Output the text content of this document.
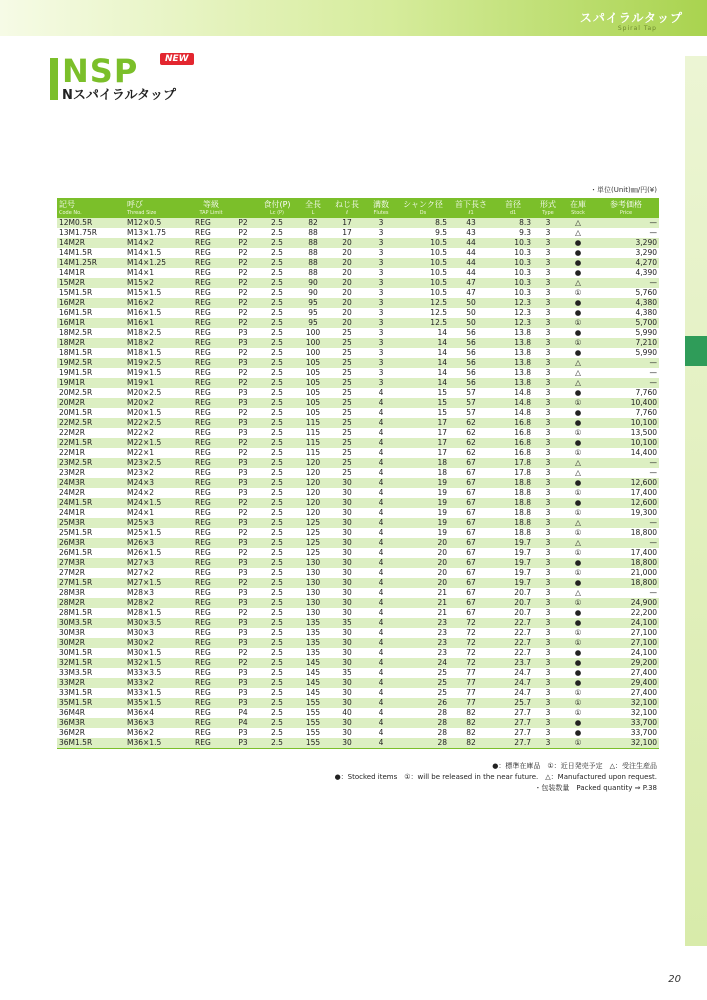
スパイラルタップ
Spiral Tap
NSP	NEW
Nスパイラルタップ
・単位(Unit)㎜/円(¥)
記号	呼び	等級		食付(P)	全長	ねじ長	溝数	シャンク径	首下長さ	首径	形式	在庫	参考価格
Code No.	Thread Size	TAP Limit		Lc (P)	L	ℓ	Flutes	Ds	ℓ1	d1	Type	Stock	Price
12M0.5R	M12×0.5	REG	P2	2.5	82	17	3	8.5	43	8.3	3	△	—
13M1.75R	M13×1.75	REG	P2	2.5	88	17	3	9.5	43	9.3	3	△	—
14M2R	M14×2	REG	P2	2.5	88	20	3	10.5	44	10.3	3	●	3,290
14M1.5R	M14×1.5	REG	P2	2.5	88	20	3	10.5	44	10.3	3	●	3,290
14M1.25R	M14×1.25	REG	P2	2.5	88	20	3	10.5	44	10.3	3	●	4,270
14M1R	M14×1	REG	P2	2.5	88	20	3	10.5	44	10.3	3	●	4,390
15M2R	M15×2	REG	P2	2.5	90	20	3	10.5	47	10.3	3	△	—
15M1.5R	M15×1.5	REG	P2	2.5	90	20	3	10.5	47	10.3	3	①	5,760
16M2R	M16×2	REG	P2	2.5	95	20	3	12.5	50	12.3	3	●	4,380
16M1.5R	M16×1.5	REG	P2	2.5	95	20	3	12.5	50	12.3	3	●	4,380
16M1R	M16×1	REG	P2	2.5	95	20	3	12.5	50	12.3	3	①	5,700
18M2.5R	M18×2.5	REG	P3	2.5	100	25	3	14	56	13.8	3	●	5,990
18M2R	M18×2	REG	P3	2.5	100	25	3	14	56	13.8	3	①	7,210
18M1.5R	M18×1.5	REG	P2	2.5	100	25	3	14	56	13.8	3	●	5,990
19M2.5R	M19×2.5	REG	P3	2.5	105	25	3	14	56	13.8	3	△	—
19M1.5R	M19×1.5	REG	P2	2.5	105	25	3	14	56	13.8	3	△	—
19M1R	M19×1	REG	P2	2.5	105	25	3	14	56	13.8	3	△	—
20M2.5R	M20×2.5	REG	P3	2.5	105	25	4	15	57	14.8	3	●	7,760
20M2R	M20×2	REG	P3	2.5	105	25	4	15	57	14.8	3	①	10,400
20M1.5R	M20×1.5	REG	P2	2.5	105	25	4	15	57	14.8	3	●	7,760
22M2.5R	M22×2.5	REG	P3	2.5	115	25	4	17	62	16.8	3	●	10,100
22M2R	M22×2	REG	P3	2.5	115	25	4	17	62	16.8	3	①	13,500
22M1.5R	M22×1.5	REG	P2	2.5	115	25	4	17	62	16.8	3	●	10,100
22M1R	M22×1	REG	P2	2.5	115	25	4	17	62	16.8	3	①	14,400
23M2.5R	M23×2.5	REG	P3	2.5	120	25	4	18	67	17.8	3	△	—
23M2R	M23×2	REG	P3	2.5	120	25	4	18	67	17.8	3	△	—
24M3R	M24×3	REG	P3	2.5	120	30	4	19	67	18.8	3	●	12,600
24M2R	M24×2	REG	P3	2.5	120	30	4	19	67	18.8	3	①	17,400
24M1.5R	M24×1.5	REG	P2	2.5	120	30	4	19	67	18.8	3	●	12,600
24M1R	M24×1	REG	P2	2.5	120	30	4	19	67	18.8	3	①	19,300
25M3R	M25×3	REG	P3	2.5	125	30	4	19	67	18.8	3	△	—
25M1.5R	M25×1.5	REG	P2	2.5	125	30	4	19	67	18.8	3	①	18,800
26M3R	M26×3	REG	P3	2.5	125	30	4	20	67	19.7	3	△	—
26M1.5R	M26×1.5	REG	P2	2.5	125	30	4	20	67	19.7	3	①	17,400
27M3R	M27×3	REG	P3	2.5	130	30	4	20	67	19.7	3	●	18,800
27M2R	M27×2	REG	P3	2.5	130	30	4	20	67	19.7	3	①	21,000
27M1.5R	M27×1.5	REG	P2	2.5	130	30	4	20	67	19.7	3	●	18,800
28M3R	M28×3	REG	P3	2.5	130	30	4	21	67	20.7	3	△	—
28M2R	M28×2	REG	P3	2.5	130	30	4	21	67	20.7	3	①	24,900
28M1.5R	M28×1.5	REG	P2	2.5	130	30	4	21	67	20.7	3	●	22,200
30M3.5R	M30×3.5	REG	P3	2.5	135	35	4	23	72	22.7	3	●	24,100
30M3R	M30×3	REG	P3	2.5	135	30	4	23	72	22.7	3	①	27,100
30M2R	M30×2	REG	P3	2.5	135	30	4	23	72	22.7	3	①	27,100
30M1.5R	M30×1.5	REG	P2	2.5	135	30	4	23	72	22.7	3	●	24,100
32M1.5R	M32×1.5	REG	P2	2.5	145	30	4	24	72	23.7	3	●	29,200
33M3.5R	M33×3.5	REG	P3	2.5	145	35	4	25	77	24.7	3	●	27,400
33M2R	M33×2	REG	P3	2.5	145	30	4	25	77	24.7	3	●	29,400
33M1.5R	M33×1.5	REG	P3	2.5	145	30	4	25	77	24.7	3	①	27,400
35M1.5R	M35×1.5	REG	P3	2.5	155	30	4	26	77	25.7	3	①	32,100
36M4R	M36×4	REG	P4	2.5	155	40	4	28	82	27.7	3	①	32,100
36M3R	M36×3	REG	P4	2.5	155	30	4	28	82	27.7	3	●	33,700
36M2R	M36×2	REG	P3	2.5	155	30	4	28	82	27.7	3	●	33,700
36M1.5R	M36×1.5	REG	P3	2.5	155	30	4	28	82	27.7	3	①	32,100
●：標準在庫品　①：近日発売予定　△：受注生産品
●：Stocked items　①：will be released in the near future.　△：Manufactured upon request.
・包装数量　Packed quantity ⇒ P.38
20
